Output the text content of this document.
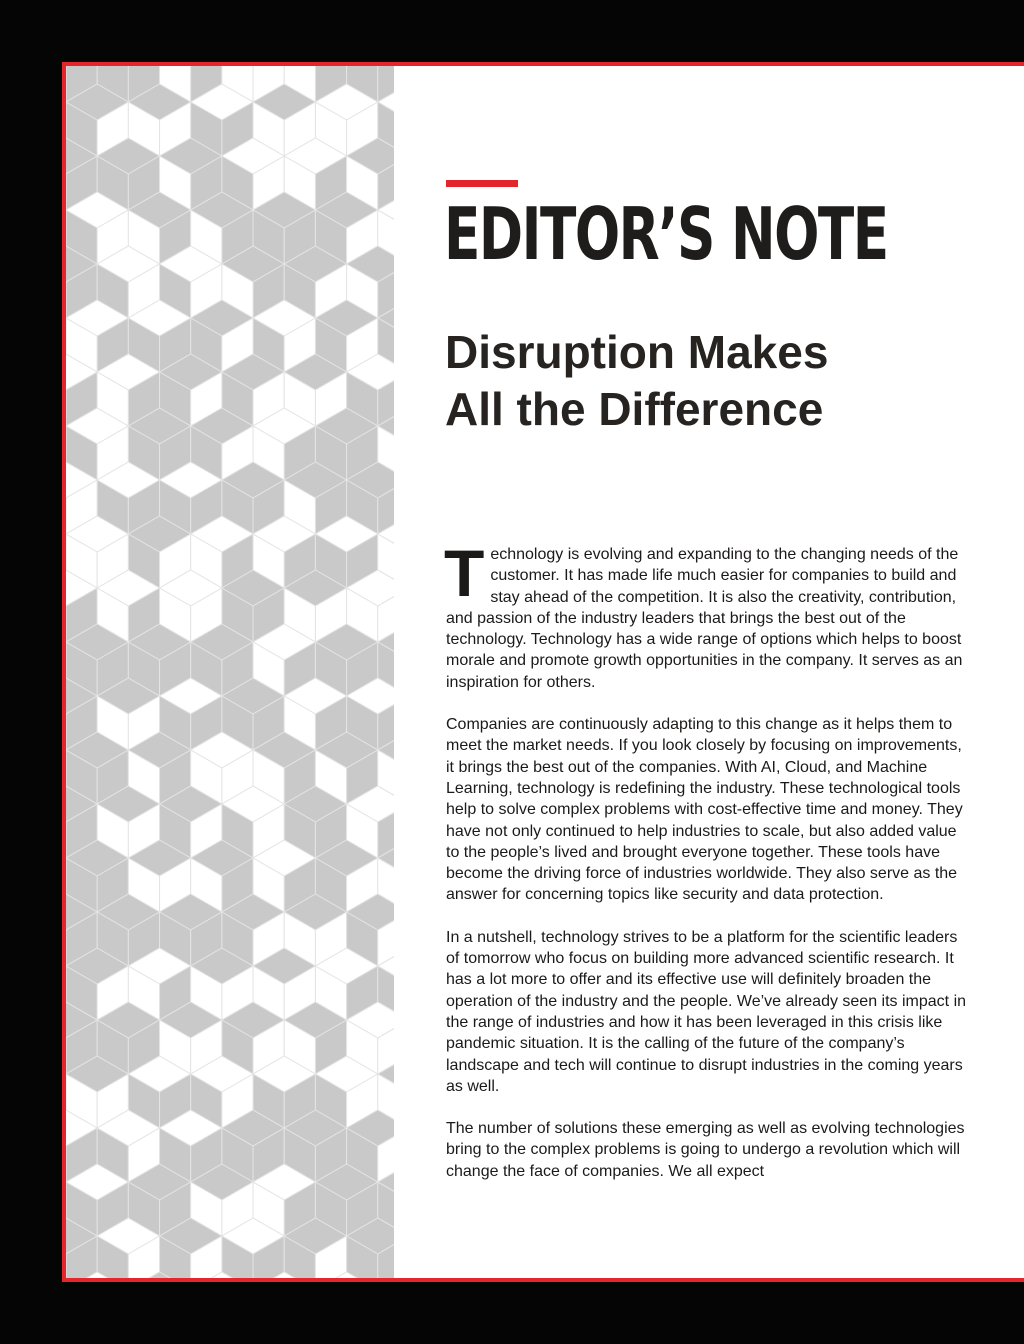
EDITOR’S NOTE
Disruption Makes
All the Difference

Technology is evolving and expanding to the changing needs of the customer. It has made life much easier for companies to build and stay ahead of the competition. It is also the creativity, contribution, and passion of the industry leaders that brings the best out of the technology. Technology has a wide range of options which helps to boost morale and promote growth opportunities in the company. It serves as an inspiration for others.

Companies are continuously adapting to this change as it helps them to meet the market needs. If you look closely by focusing on improvements, it brings the best out of the companies. With AI, Cloud, and Machine Learning, technology is redefining the industry. These technological tools help to solve complex problems with cost-effective time and money. They have not only continued to help industries to scale, but also added value to the people’s lived and brought everyone together. These tools have become the driving force of industries worldwide. They also serve as the answer for concerning topics like security and data protection.

In a nutshell, technology strives to be a platform for the scientific leaders of tomorrow who focus on building more advanced scientific research. It has a lot more to offer and its effective use will definitely broaden the operation of the industry and the people. We’ve already seen its impact in the range of industries and how it has been leveraged in this crisis like pandemic situation. It is the calling of the future of the company’s landscape and tech will continue to disrupt industries in the coming years as well.

The number of solutions these emerging as well as evolving technologies bring to the complex problems is going to undergo a revolution which will change the face of companies. We all expect
